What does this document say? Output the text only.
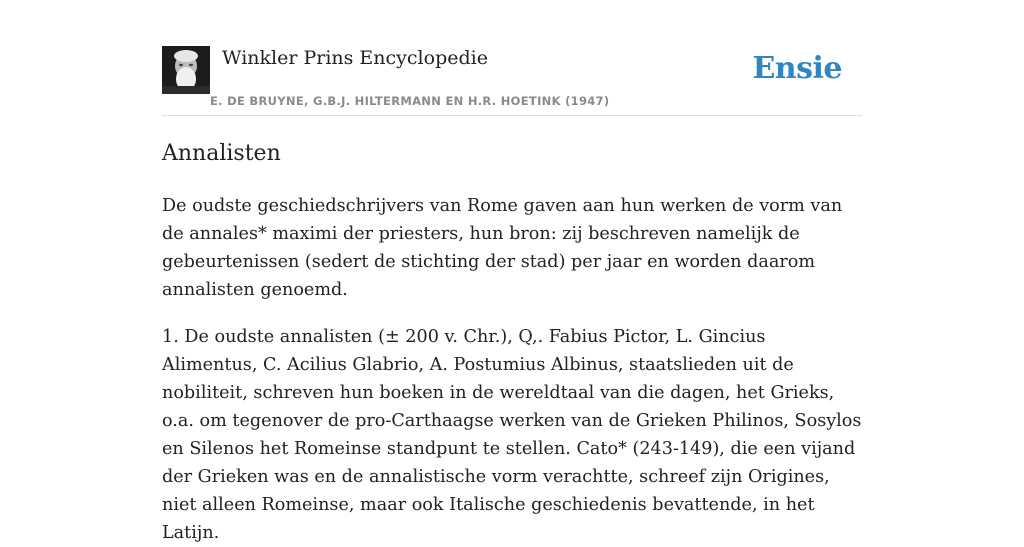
Winkler Prins Encyclopedie
E. DE BRUYNE, G.B.J. HILTERMANN EN H.R. HOETINK (1947)
Ensie
Annalisten

De oudste geschiedschrijvers van Rome gaven aan hun werken de vorm van de annales* maximi der priesters, hun bron: zij beschreven namelijk de gebeurtenissen (sedert de stichting der stad) per jaar en worden daarom annalisten genoemd.

1. De oudste annalisten (± 200 v. Chr.), Q,. Fabius Pictor, L. Gincius Alimentus, C. Acilius Glabrio, A. Postumius Albinus, staatslieden uit de nobiliteit, schreven hun boeken in de wereldtaal van die dagen, het Grieks, o.a. om tegenover de pro-Carthaagse werken van de Grieken Philinos, Sosylos en Silenos het Romeinse standpunt te stellen. Cato* (243-149), die een vijand der Grieken was en de annalistische vorm verachtte, schreef zijn Origines, niet alleen Romeinse, maar ook Italische geschiedenis bevattende, in het Latijn.
